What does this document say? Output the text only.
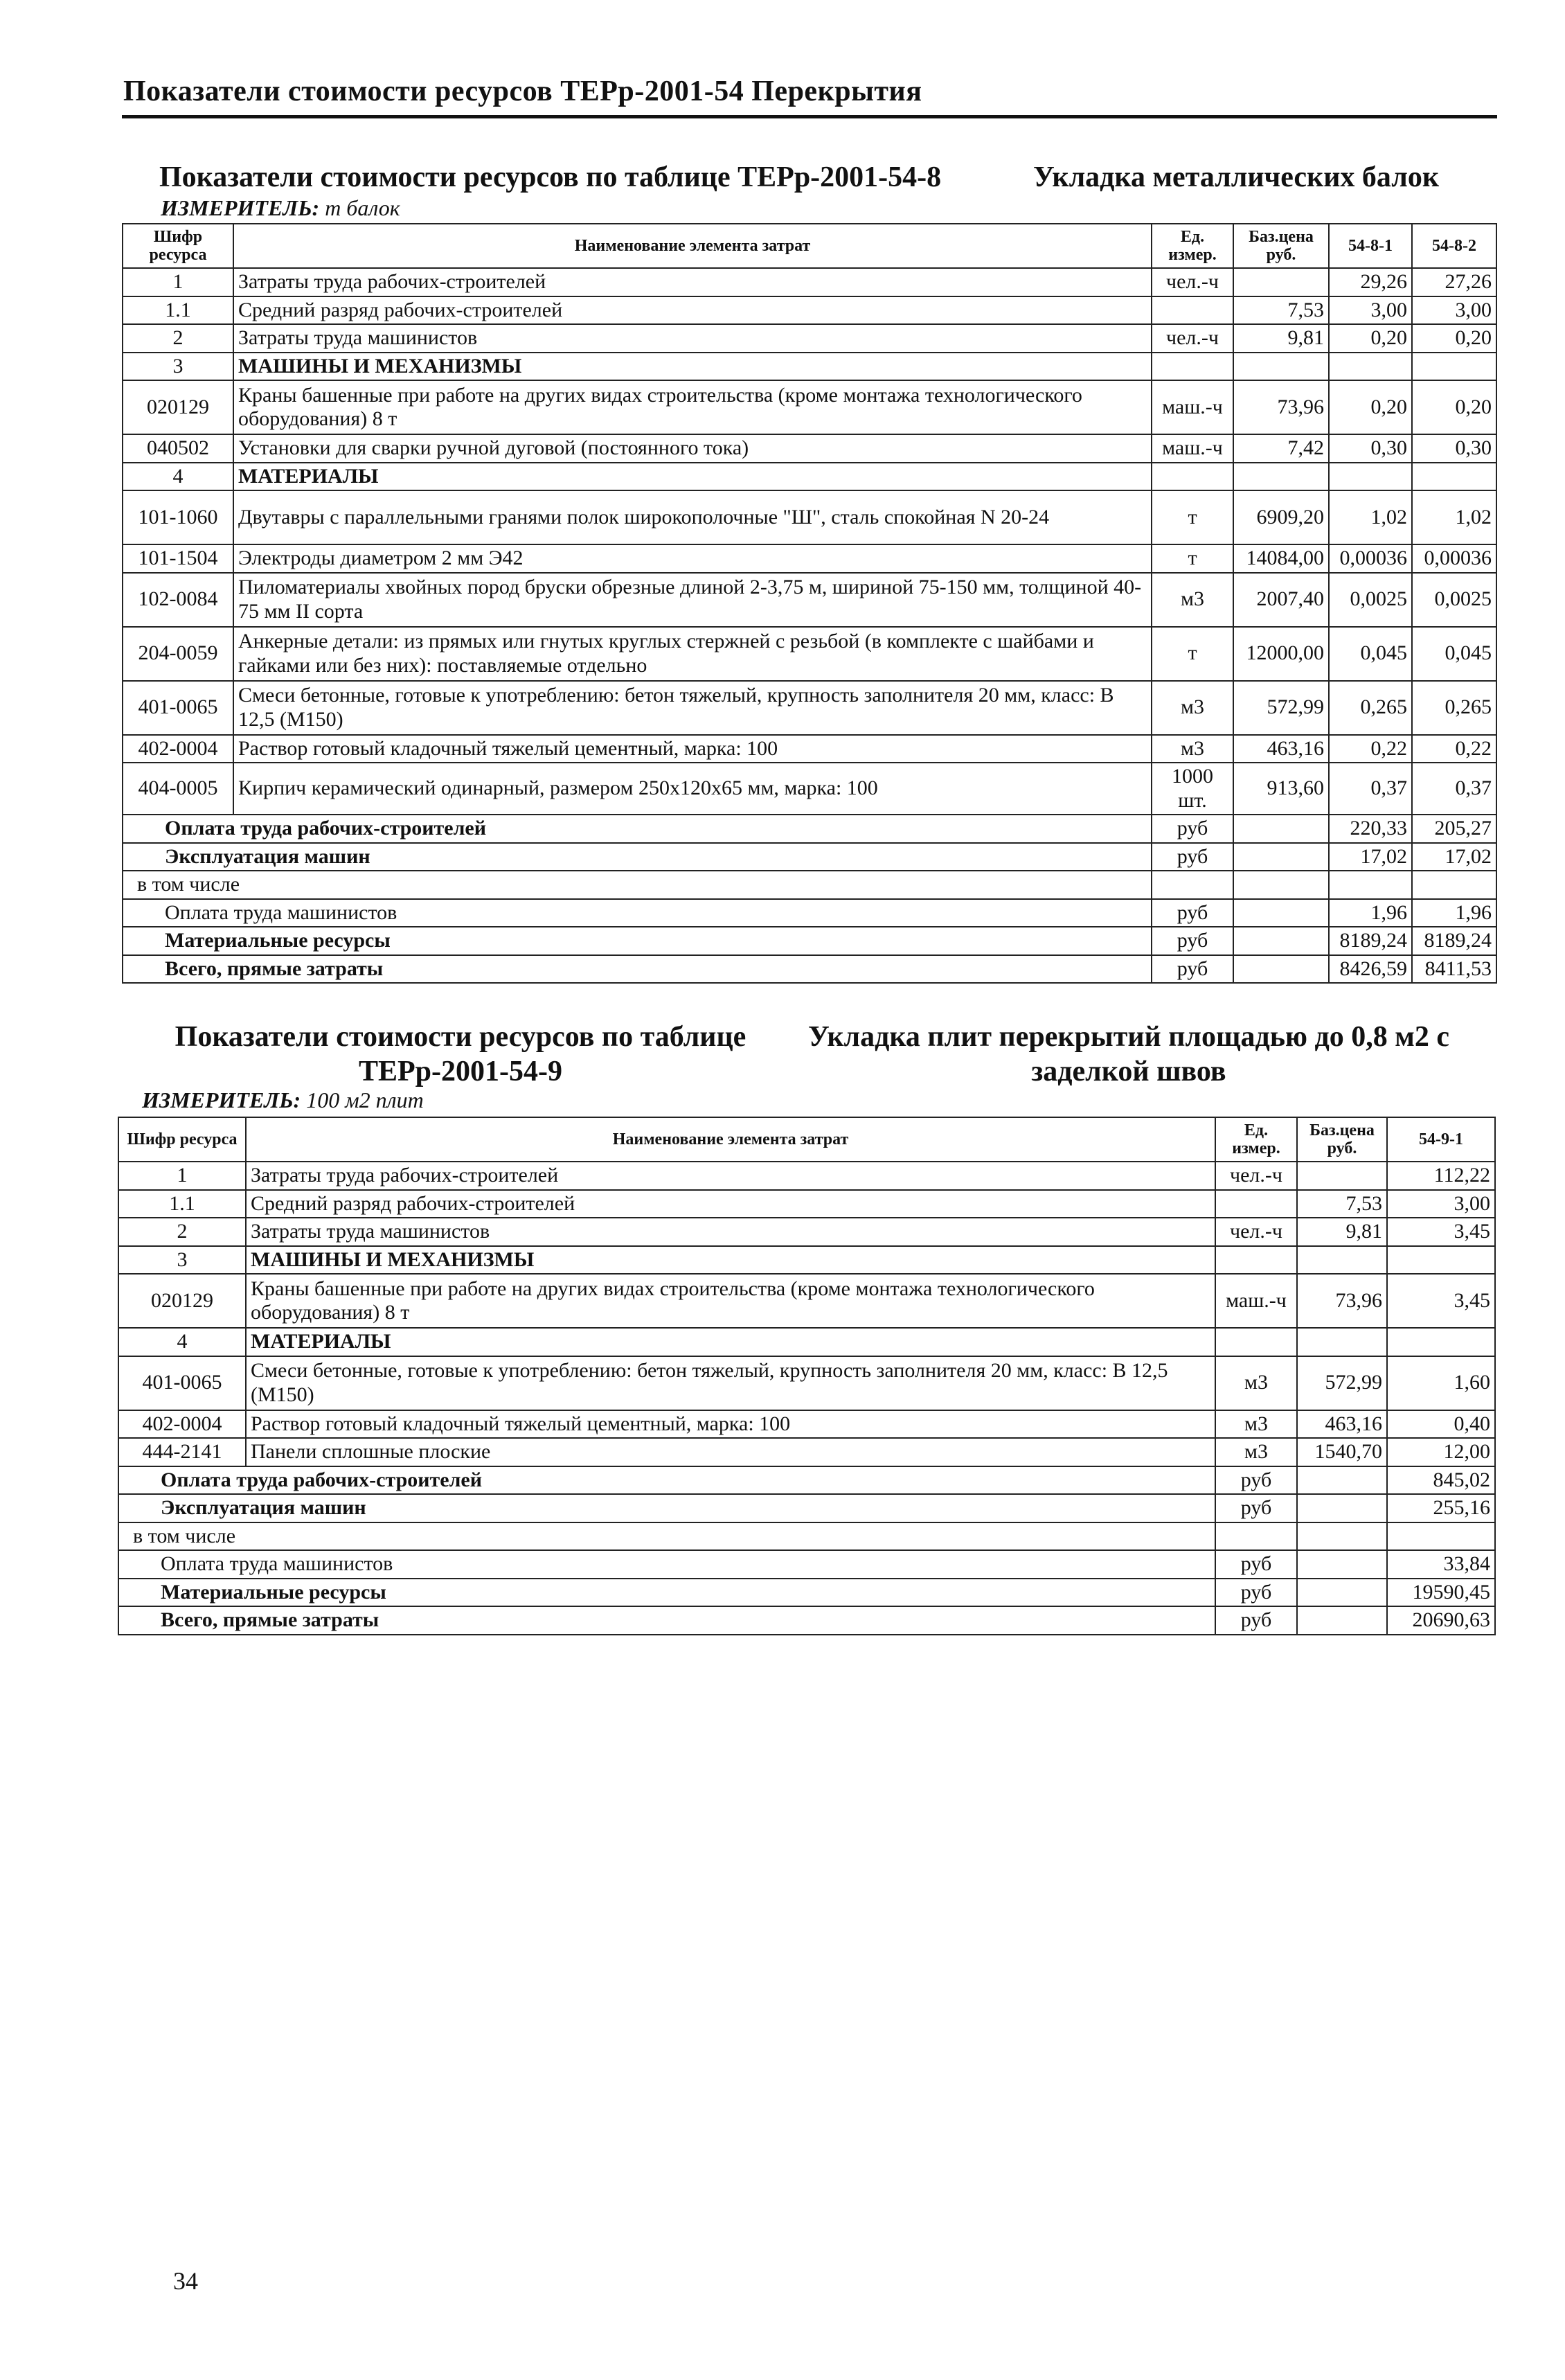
Показатели стоимости ресурсов ТЕРр-2001-54 Перекрытия
Показатели стоимости ресурсов по таблице ТЕРр-2001-54-8	Укладка металлических балок
ИЗМЕРИТЕЛЬ: т балок
Шифр ресурса	Наименование элемента затрат	Ед. измер.	Баз.цена руб.	54-8-1	54-8-2
1	Затраты труда рабочих-строителей	чел.-ч		29,26	27,26
1.1	Средний разряд рабочих-строителей		7,53	3,00	3,00
2	Затраты труда машинистов	чел.-ч	9,81	0,20	0,20
3	МАШИНЫ И МЕХАНИЗМЫ				
020129	Краны башенные при работе на других видах строительства (кроме монтажа технологического оборудования) 8 т	маш.-ч	73,96	0,20	0,20
040502	Установки для сварки ручной дуговой (постоянного тока)	маш.-ч	7,42	0,30	0,30
4	МАТЕРИАЛЫ				
101-1060	Двутавры с параллельными гранями полок широкополочные "Ш", сталь спокойная N 20-24	т	6909,20	1,02	1,02
101-1504	Электроды диаметром 2 мм Э42	т	14084,00	0,00036	0,00036
102-0084	Пиломатериалы хвойных пород бруски обрезные длиной 2-3,75 м, шириной 75-150 мм, толщиной 40-75 мм II сорта	м3	2007,40	0,0025	0,0025
204-0059	Анкерные детали: из прямых или гнутых круглых стержней с резьбой (в комплекте с шайбами и гайками или без них): поставляемые отдельно	т	12000,00	0,045	0,045
401-0065	Смеси бетонные, готовые к употреблению: бетон тяжелый, крупность заполнителя 20 мм, класс: В 12,5 (М150)	м3	572,99	0,265	0,265
402-0004	Раствор готовый кладочный тяжелый цементный, марка: 100	м3	463,16	0,22	0,22
404-0005	Кирпич керамический одинарный, размером 250x120x65 мм, марка: 100	1000 шт.	913,60	0,37	0,37
Оплата труда рабочих-строителей		руб		220,33	205,27
Эксплуатация машин		руб		17,02	17,02
в том числе					
Оплата труда машинистов		руб		1,96	1,96
Материальные ресурсы		руб		8189,24	8189,24
Всего, прямые затраты		руб		8426,59	8411,53
Показатели стоимости ресурсов по таблице ТЕРр-2001-54-9
Укладка плит перекрытий площадью до 0,8 м2 с заделкой швов
ИЗМЕРИТЕЛЬ: 100 м2 плит
Шифр ресурса	Наименование элемента затрат	Ед. измер.	Баз.цена руб.	54-9-1
1	Затраты труда рабочих-строителей	чел.-ч		112,22
1.1	Средний разряд рабочих-строителей		7,53	3,00
2	Затраты труда машинистов	чел.-ч	9,81	3,45
3	МАШИНЫ И МЕХАНИЗМЫ			
020129	Краны башенные при работе на других видах строительства (кроме монтажа технологического оборудования) 8 т	маш.-ч	73,96	3,45
4	МАТЕРИАЛЫ			
401-0065	Смеси бетонные, готовые к употреблению: бетон тяжелый, крупность заполнителя 20 мм, класс: В 12,5 (М150)	м3	572,99	1,60
402-0004	Раствор готовый кладочный тяжелый цементный, марка: 100	м3	463,16	0,40
444-2141	Панели сплошные плоские	м3	1540,70	12,00
Оплата труда рабочих-строителей		руб		845,02
Эксплуатация машин		руб		255,16
в том числе				
Оплата труда машинистов		руб		33,84
Материальные ресурсы		руб		19590,45
Всего, прямые затраты		руб		20690,63
34
